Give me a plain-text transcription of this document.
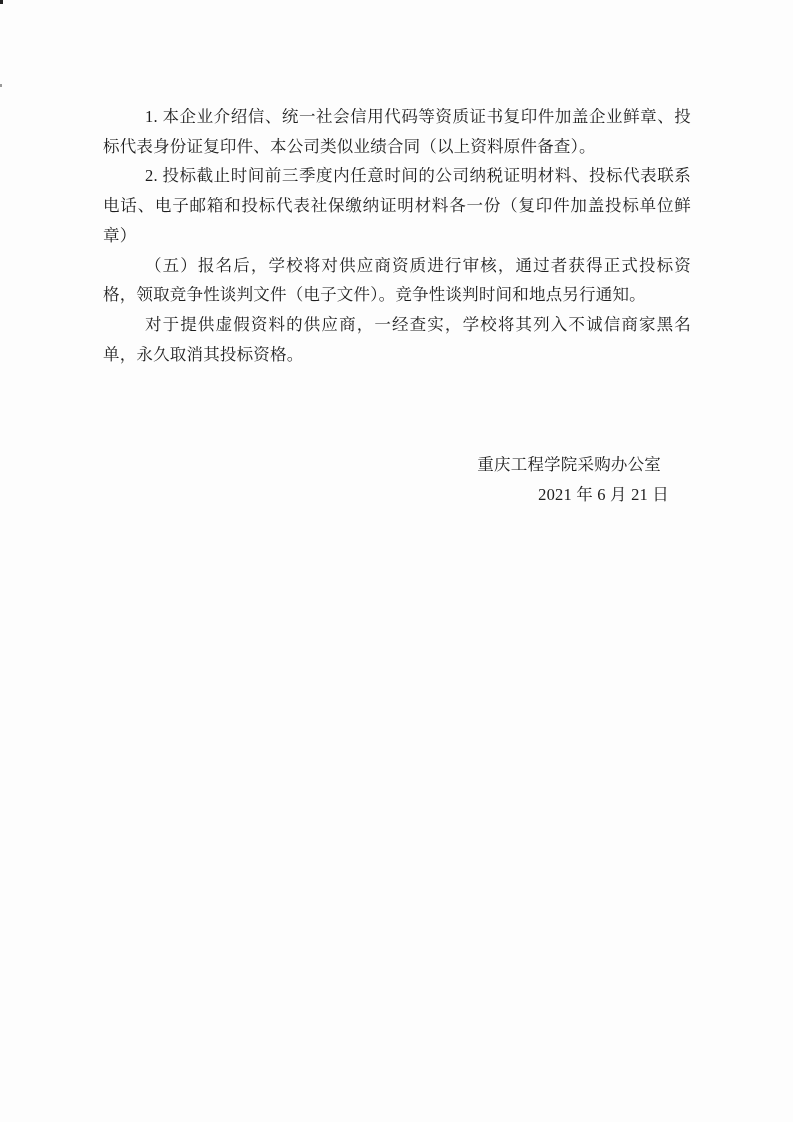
1. 本企业介绍信、统一社会信用代码等资质证书复印件加盖企业鲜章、投标代表身份证复印件、本公司类似业绩合同（以上资料原件备查）。

2. 投标截止时间前三季度内任意时间的公司纳税证明材料、投标代表联系电话、电子邮箱和投标代表社保缴纳证明材料各一份（复印件加盖投标单位鲜章）

（五）报名后，学校将对供应商资质进行审核，通过者获得正式投标资格，领取竞争性谈判文件（电子文件）。竞争性谈判时间和地点另行通知。

对于提供虚假资料的供应商，一经查实，学校将其列入不诚信商家黑名单，永久取消其投标资格。

重庆工程学院采购办公室
2021 年 6 月 21 日
